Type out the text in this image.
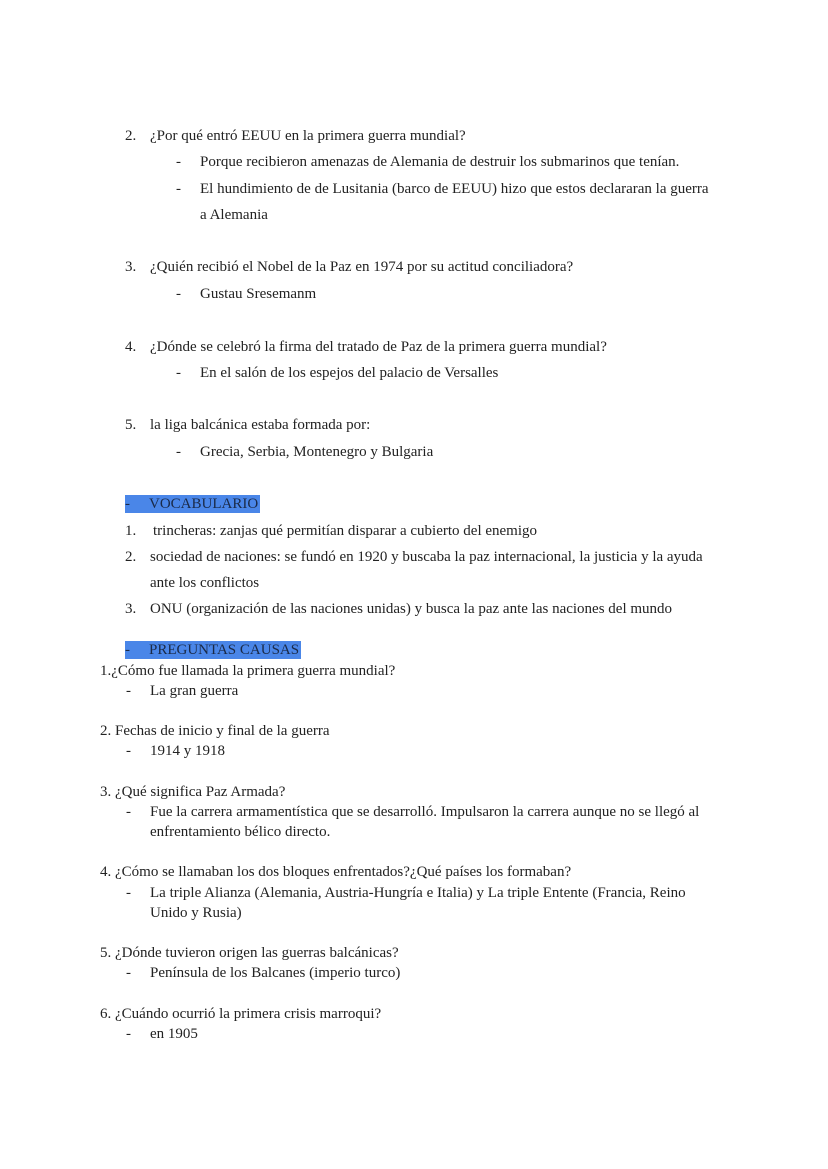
2. ¿Por qué entró EEUU en la primera guerra mundial?
- Porque recibieron amenazas de Alemania de destruir los submarinos que tenían.
- El hundimiento de de Lusitania (barco de EEUU) hizo que estos declararan la guerra
a Alemania
3. ¿Quién recibió el Nobel de la Paz en 1974 por su actitud conciliadora?
- Gustau Sresemanm
4. ¿Dónde se celebró la firma del tratado de Paz de la primera guerra mundial?
- En el salón de los espejos del palacio de Versalles
5. la liga balcánica estaba formada por:
- Grecia, Serbia, Montenegro y Bulgaria
- VOCABULARIO
1. trincheras: zanjas qué permitían disparar a cubierto del enemigo
2. sociedad de naciones: se fundó en 1920 y buscaba la paz internacional, la justicia y la ayuda
ante los conflictos
3. ONU (organización de las naciones unidas) y busca la paz ante las naciones del mundo
- PREGUNTAS CAUSAS
1.¿Cómo fue llamada la primera guerra mundial?
- La gran guerra
2. Fechas de inicio y final de la guerra
- 1914 y 1918
3. ¿Qué significa Paz Armada?
- Fue la carrera armamentística que se desarrolló. Impulsaron la carrera aunque no se llegó al
enfrentamiento bélico directo.
4. ¿Cómo se llamaban los dos bloques enfrentados?¿Qué países los formaban?
- La triple Alianza (Alemania, Austria-Hungría e Italia) y La triple Entente (Francia, Reino
Unido y Rusia)
5. ¿Dónde tuvieron origen las guerras balcánicas?
- Península de los Balcanes (imperio turco)
6. ¿Cuándo ocurrió la primera crisis marroqui?
- en 1905
